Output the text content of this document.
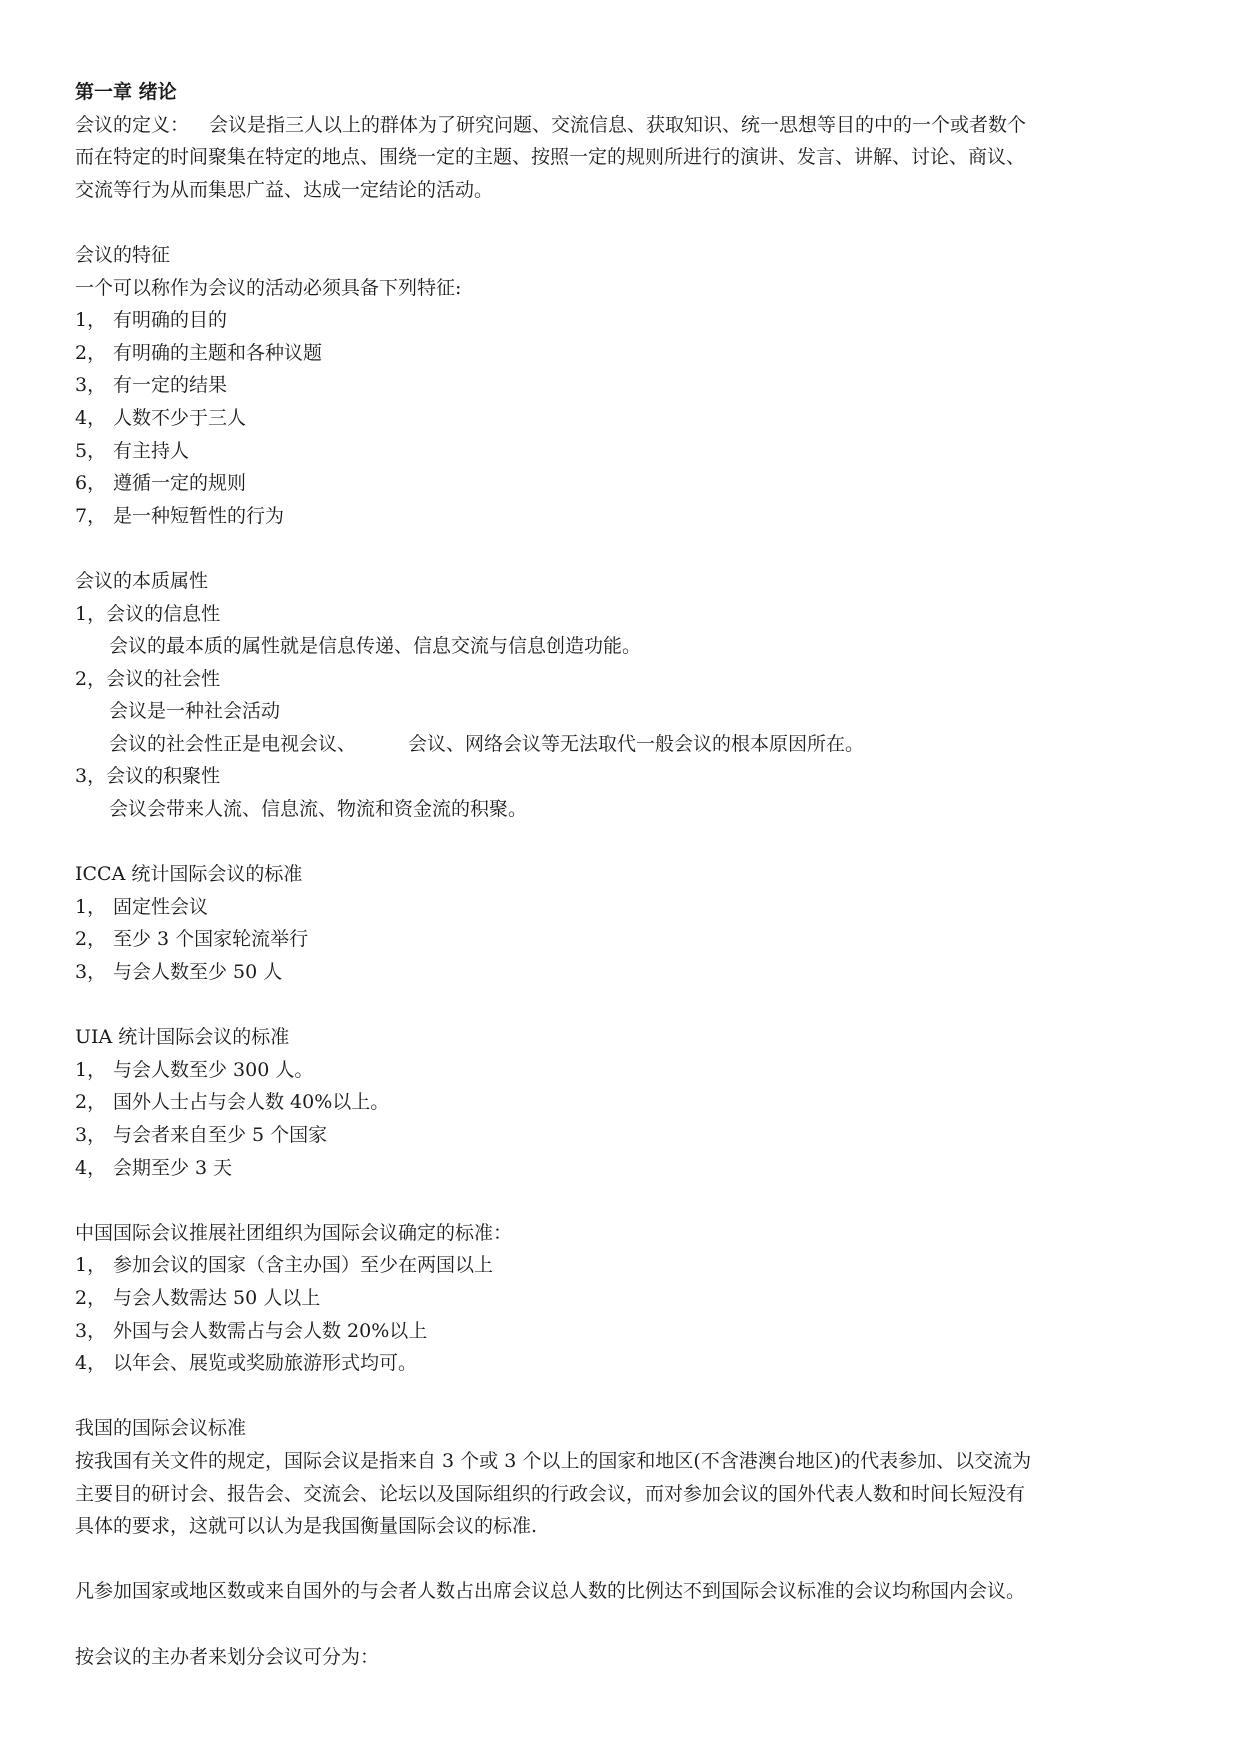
第一章 绪论
会议的定义： 会议是指三人以上的群体为了研究问题、交流信息、获取知识、统一思想等目的中的一个或者数个
而在特定的时间聚集在特定的地点、围绕一定的主题、按照一定的规则所进行的演讲、发言、讲解、讨论、商议、
交流等行为从而集思广益、达成一定结论的活动。
会议的特征
一个可以称作为会议的活动必须具备下列特征:
1， 有明确的目的
2， 有明确的主题和各种议题
3， 有一定的结果
4， 人数不少于三人
5， 有主持人
6， 遵循一定的规则
7， 是一种短暂性的行为
会议的本质属性
1，会议的信息性
会议的最本质的属性就是信息传递、信息交流与信息创造功能。
2，会议的社会性
会议是一种社会活动
会议的社会性正是电视会议、	会议、网络会议等无法取代一般会议的根本原因所在。
3，会议的积聚性
会议会带来人流、信息流、物流和资金流的积聚。
ICCA 统计国际会议的标准
1， 固定性会议
2， 至少 3 个国家轮流举行
3， 与会人数至少 50 人
UIA 统计国际会议的标准
1， 与会人数至少 300 人。
2， 国外人士占与会人数 40%以上。
3， 与会者来自至少 5 个国家
4， 会期至少 3 天
中国国际会议推展社团组织为国际会议确定的标准：
1， 参加会议的国家（含主办国）至少在两国以上
2， 与会人数需达 50 人以上
3， 外国与会人数需占与会人数 20%以上
4， 以年会、展览或奖励旅游形式均可。
我国的国际会议标准
按我国有关文件的规定，国际会议是指来自 3 个或 3 个以上的国家和地区(不含港澳台地区)的代表参加、以交流为
主要目的研讨会、报告会、交流会、论坛以及国际组织的行政会议，而对参加会议的国外代表人数和时间长短没有
具体的要求，这就可以认为是我国衡量国际会议的标准.
凡参加国家或地区数或来自国外的与会者人数占出席会议总人数的比例达不到国际会议标准的会议均称国内会议。
按会议的主办者来划分会议可分为：
